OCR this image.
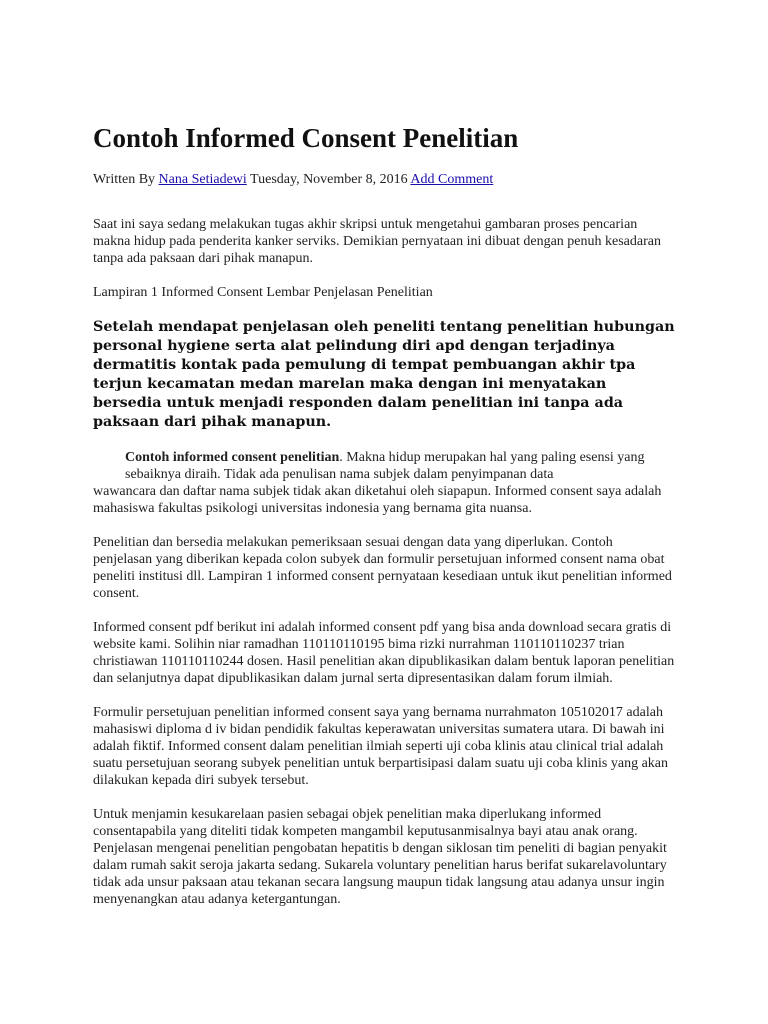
Contoh Informed Consent Penelitian
Written By Nana Setiadewi Tuesday, November 8, 2016 Add Comment

Saat ini saya sedang melakukan tugas akhir skripsi untuk mengetahui gambaran proses pencarian makna hidup pada penderita kanker serviks. Demikian pernyataan ini dibuat dengan penuh kesadaran tanpa ada paksaan dari pihak manapun.

Lampiran 1 Informed Consent Lembar Penjelasan Penelitian

Setelah mendapat penjelasan oleh peneliti tentang penelitian hubungan personal hygiene serta alat pelindung diri apd dengan terjadinya dermatitis kontak pada pemulung di tempat pembuangan akhir tpa terjun kecamatan medan marelan maka dengan ini menyatakan bersedia untuk menjadi responden dalam penelitian ini tanpa ada paksaan dari pihak manapun.

Contoh informed consent penelitian. Makna hidup merupakan hal yang paling esensi yang sebaiknya diraih. Tidak ada penulisan nama subjek dalam penyimpanan data
wawancara dan daftar nama subjek tidak akan diketahui oleh siapapun. Informed consent saya adalah mahasiswa fakultas psikologi universitas indonesia yang bernama gita nuansa.

Penelitian dan bersedia melakukan pemeriksaan sesuai dengan data yang diperlukan. Contoh penjelasan yang diberikan kepada colon subyek dan formulir persetujuan informed consent nama obat peneliti institusi dll. Lampiran 1 informed consent pernyataan kesediaan untuk ikut penelitian informed consent.

Informed consent pdf berikut ini adalah informed consent pdf yang bisa anda download secara gratis di website kami. Solihin niar ramadhan 110110110195 bima rizki nurrahman 110110110237 trian christiawan 110110110244 dosen. Hasil penelitian akan dipublikasikan dalam bentuk laporan penelitian dan selanjutnya dapat dipublikasikan dalam jurnal serta dipresentasikan dalam forum ilmiah.

Formulir persetujuan penelitian informed consent saya yang bernama nurrahmaton 105102017 adalah mahasiswi diploma d iv bidan pendidik fakultas keperawatan universitas sumatera utara. Di bawah ini adalah fiktif. Informed consent dalam penelitian ilmiah seperti uji coba klinis atau clinical trial adalah suatu persetujuan seorang subyek penelitian untuk berpartisipasi dalam suatu uji coba klinis yang akan dilakukan kepada diri subyek tersebut.

Untuk menjamin kesukarelaan pasien sebagai objek penelitian maka diperlukang informed consentapabila yang diteliti tidak kompeten mangambil keputusanmisalnya bayi atau anak orang. Penjelasan mengenai penelitian pengobatan hepatitis b dengan siklosan tim peneliti di bagian penyakit dalam rumah sakit seroja jakarta sedang. Sukarela voluntary penelitian harus berifat sukarelavoluntary tidak ada unsur paksaan atau tekanan secara langsung maupun tidak langsung atau adanya unsur ingin menyenangkan atau adanya ketergantungan.
